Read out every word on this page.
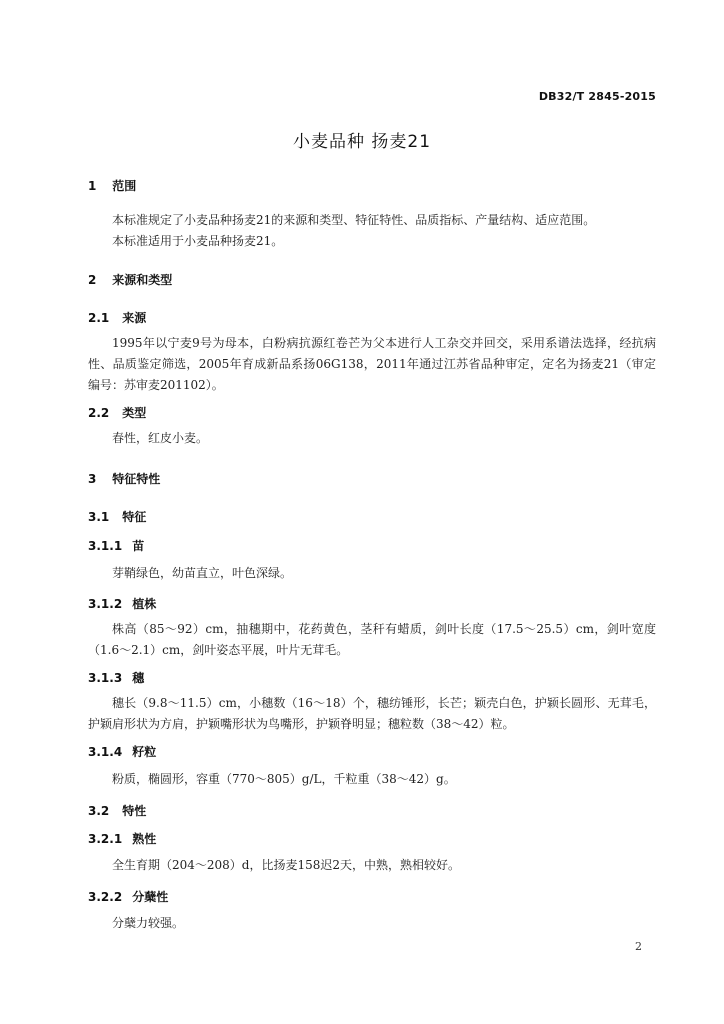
DB32/T 2845-2015
小麦品种 扬麦21
1 范围
本标准规定了小麦品种扬麦21的来源和类型、特征特性、品质指标、产量结构、适应范围。
本标准适用于小麦品种扬麦21。
2 来源和类型
2.1 来源
1995年以宁麦9号为母本，白粉病抗源红卷芒为父本进行人工杂交并回交，采用系谱法选择，经抗病性、品质鉴定筛选，2005年育成新品系扬06G138，2011年通过江苏省品种审定，定名为扬麦21（审定编号：苏审麦201102）。
2.2 类型
春性，红皮小麦。
3 特征特性
3.1 特征
3.1.1 苗
芽鞘绿色，幼苗直立，叶色深绿。
3.1.2 植株
株高（85～92）cm，抽穗期中，花药黄色，茎秆有蜡质，剑叶长度（17.5～25.5）cm，剑叶宽度（1.6～2.1）cm，剑叶姿态平展，叶片无茸毛。
3.1.3 穗
穗长（9.8～11.5）cm，小穗数（16～18）个，穗纺锤形，长芒；颖壳白色，护颖长圆形、无茸毛，护颖肩形状为方肩，护颖嘴形状为鸟嘴形，护颖脊明显；穗粒数（38～42）粒。
3.1.4 籽粒
粉质，椭圆形，容重（770～805）g/L，千粒重（38～42）g。
3.2 特性
3.2.1 熟性
全生育期（204～208）d，比扬麦158迟2天，中熟，熟相较好。
3.2.2 分蘖性
分蘖力较强。
2
